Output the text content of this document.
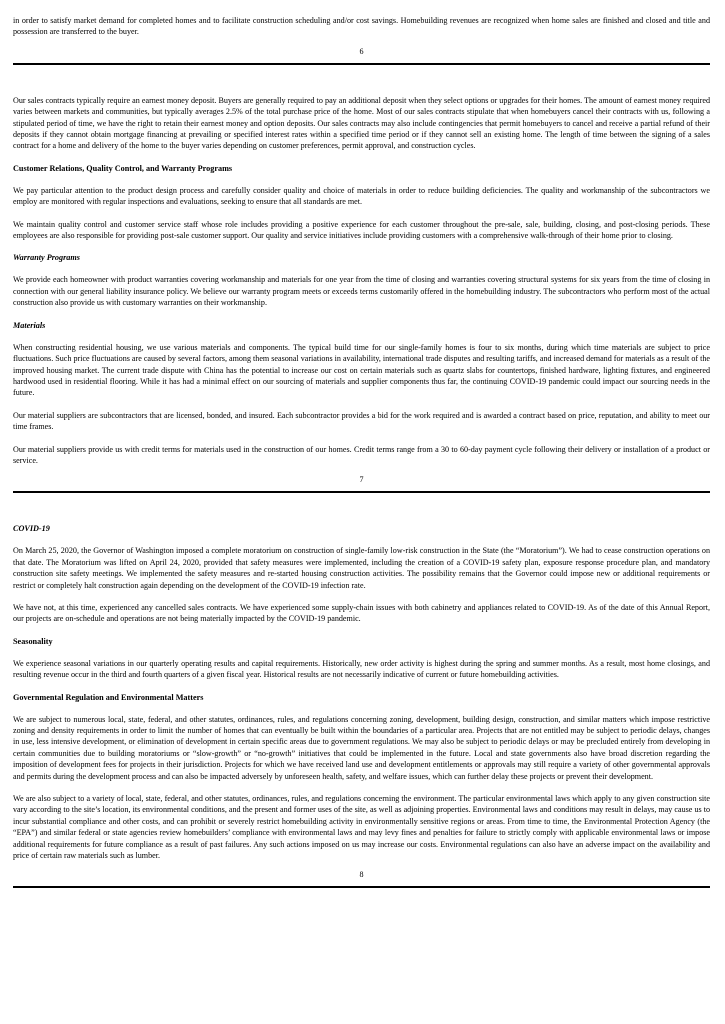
in order to satisfy market demand for completed homes and to facilitate construction scheduling and/or cost savings. Homebuilding revenues are recognized when home sales are finished and closed and title and possession are transferred to the buyer.

6

Our sales contracts typically require an earnest money deposit. Buyers are generally required to pay an additional deposit when they select options or upgrades for their homes. The amount of earnest money required varies between markets and communities, but typically averages 2.5% of the total purchase price of the home. Most of our sales contracts stipulate that when homebuyers cancel their contracts with us, following a stipulated period of time, we have the right to retain their earnest money and option deposits. Our sales contracts may also include contingencies that permit homebuyers to cancel and receive a partial refund of their deposits if they cannot obtain mortgage financing at prevailing or specified interest rates within a specified time period or if they cannot sell an existing home. The length of time between the signing of a sales contract for a home and delivery of the home to the buyer varies depending on customer preferences, permit approval, and construction cycles.

Customer Relations, Quality Control, and Warranty Programs

We pay particular attention to the product design process and carefully consider quality and choice of materials in order to reduce building deficiencies. The quality and workmanship of the subcontractors we employ are monitored with regular inspections and evaluations, seeking to ensure that all standards are met.

We maintain quality control and customer service staff whose role includes providing a positive experience for each customer throughout the pre-sale, sale, building, closing, and post-closing periods. These employees are also responsible for providing post-sale customer support. Our quality and service initiatives include providing customers with a comprehensive walk-through of their home prior to closing.

Warranty Programs

We provide each homeowner with product warranties covering workmanship and materials for one year from the time of closing and warranties covering structural systems for six years from the time of closing in connection with our general liability insurance policy. We believe our warranty program meets or exceeds terms customarily offered in the homebuilding industry. The subcontractors who perform most of the actual construction also provide us with customary warranties on their workmanship.

Materials

When constructing residential housing, we use various materials and components. The typical build time for our single-family homes is four to six months, during which time materials are subject to price fluctuations. Such price fluctuations are caused by several factors, among them seasonal variations in availability, international trade disputes and resulting tariffs, and increased demand for materials as a result of the improved housing market. The current trade dispute with China has the potential to increase our cost on certain materials such as quartz slabs for countertops, finished hardware, lighting fixtures, and engineered hardwood used in residential flooring. While it has had a minimal effect on our sourcing of materials and supplier components thus far, the continuing COVID-19 pandemic could impact our sourcing needs in the future.

Our material suppliers are subcontractors that are licensed, bonded, and insured. Each subcontractor provides a bid for the work required and is awarded a contract based on price, reputation, and ability to meet our time frames.

Our material suppliers provide us with credit terms for materials used in the construction of our homes. Credit terms range from a 30 to 60-day payment cycle following their delivery or installation of a product or service.

7
COVID-19

On March 25, 2020, the Governor of Washington imposed a complete moratorium on construction of single-family low-risk construction in the State (the “Moratorium”). We had to cease construction operations on that date. The Moratorium was lifted on April 24, 2020, provided that safety measures were implemented, including the creation of a COVID-19 safety plan, exposure response procedure plan, and mandatory construction site safety meetings. We implemented the safety measures and re-started housing construction activities. The possibility remains that the Governor could impose new or additional requirements or restrict or completely halt construction again depending on the development of the COVID-19 infection rate.

We have not, at this time, experienced any cancelled sales contracts. We have experienced some supply-chain issues with both cabinetry and appliances related to COVID-19. As of the date of this Annual Report, our projects are on-schedule and operations are not being materially impacted by the COVID-19 pandemic.

Seasonality

We experience seasonal variations in our quarterly operating results and capital requirements. Historically, new order activity is highest during the spring and summer months. As a result, most home closings, and resulting revenue occur in the third and fourth quarters of a given fiscal year. Historical results are not necessarily indicative of current or future homebuilding activities.

Governmental Regulation and Environmental Matters

We are subject to numerous local, state, federal, and other statutes, ordinances, rules, and regulations concerning zoning, development, building design, construction, and similar matters which impose restrictive zoning and density requirements in order to limit the number of homes that can eventually be built within the boundaries of a particular area. Projects that are not entitled may be subject to periodic delays, changes in use, less intensive development, or elimination of development in certain specific areas due to government regulations. We may also be subject to periodic delays or may be precluded entirely from developing in certain communities due to building moratoriums or “slow-growth” or “no-growth” initiatives that could be implemented in the future. Local and state governments also have broad discretion regarding the imposition of development fees for projects in their jurisdiction. Projects for which we have received land use and development entitlements or approvals may still require a variety of other governmental approvals and permits during the development process and can also be impacted adversely by unforeseen health, safety, and welfare issues, which can further delay these projects or prevent their development.

We are also subject to a variety of local, state, federal, and other statutes, ordinances, rules, and regulations concerning the environment. The particular environmental laws which apply to any given construction site vary according to the site’s location, its environmental conditions, and the present and former uses of the site, as well as adjoining properties. Environmental laws and conditions may result in delays, may cause us to incur substantial compliance and other costs, and can prohibit or severely restrict homebuilding activity in environmentally sensitive regions or areas. From time to time, the Environmental Protection Agency (the “EPA”) and similar federal or state agencies review homebuilders’ compliance with environmental laws and may levy fines and penalties for failure to strictly comply with applicable environmental laws or impose additional requirements for future compliance as a result of past failures. Any such actions imposed on us may increase our costs. Environmental regulations can also have an adverse impact on the availability and price of certain raw materials such as lumber.

8
